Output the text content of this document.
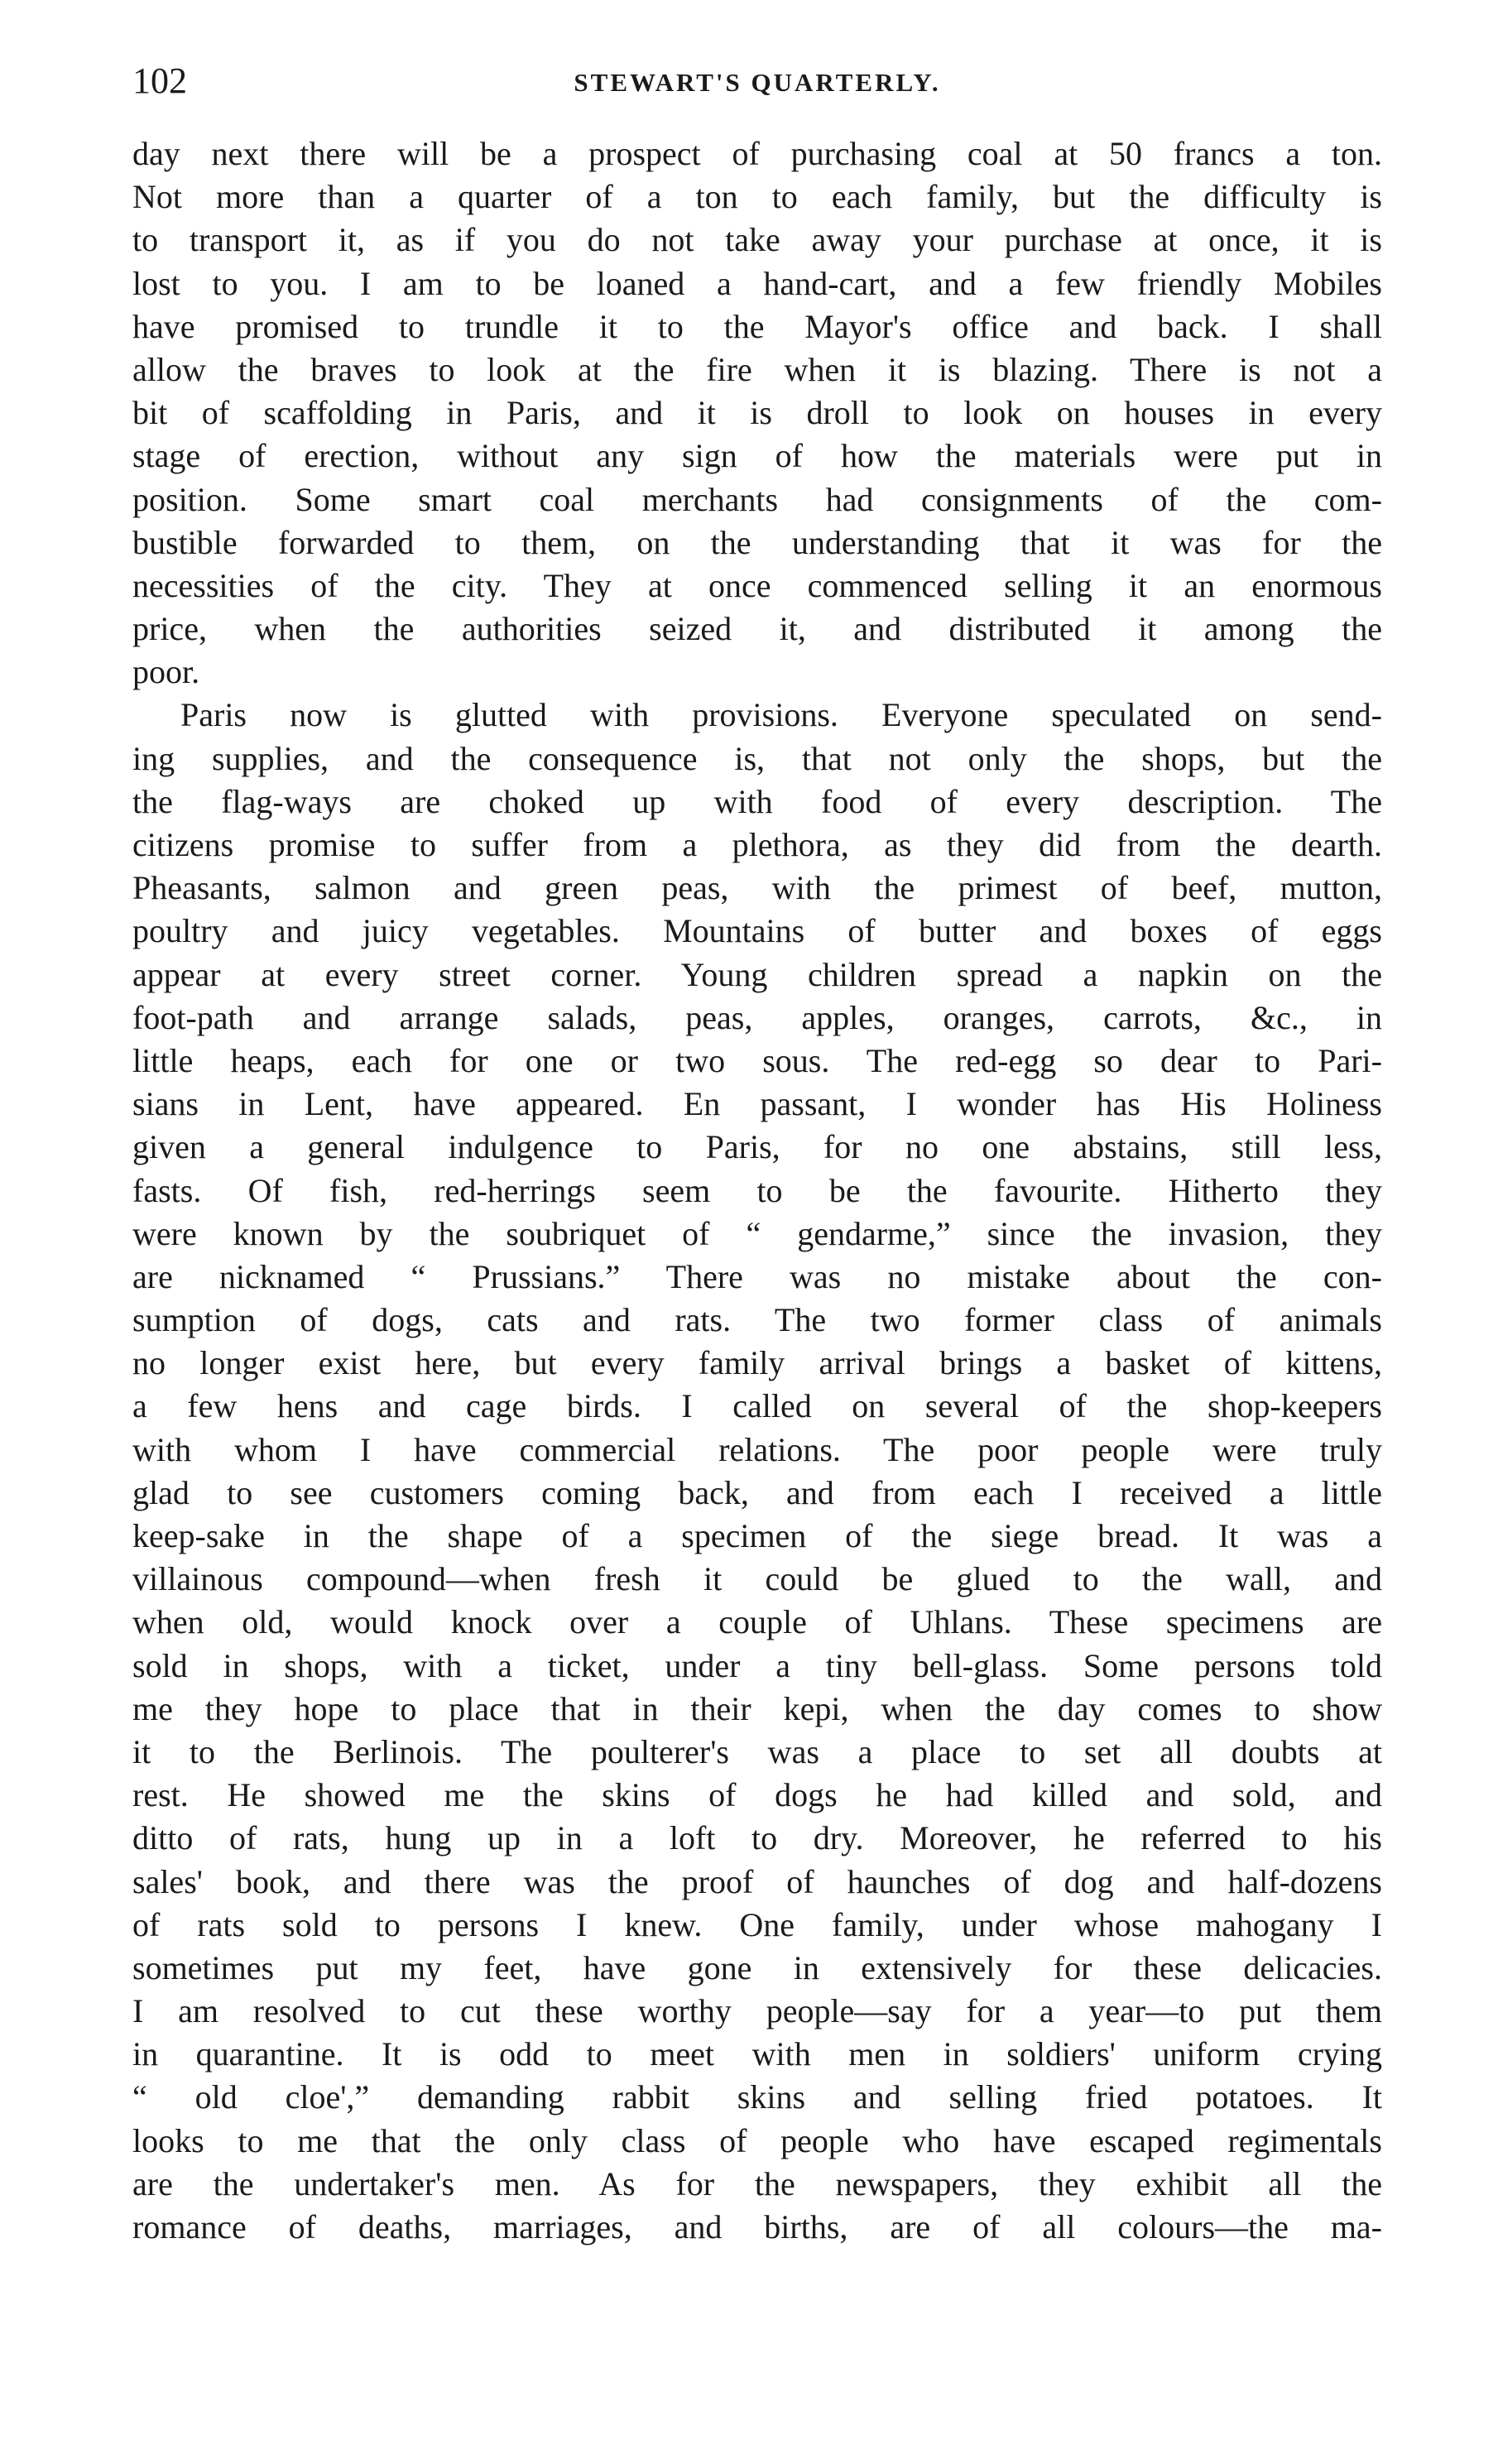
102	STEWART'S QUARTERLY.
day next there will be a prospect of purchasing coal at 50 francs a ton.
Not more than a quarter of a ton to each family, but the difficulty is
to transport it, as if you do not take away your purchase at once, it is
lost to you. I am to be loaned a hand-cart, and a few friendly Mobiles
have promised to trundle it to the Mayor's office and back. I shall
allow the braves to look at the fire when it is blazing. There is not a
bit of scaffolding in Paris, and it is droll to look on houses in every
stage of erection, without any sign of how the materials were put in
position. Some smart coal merchants had consignments of the com-
bustible forwarded to them, on the understanding that it was for the
necessities of the city. They at once commenced selling it an enormous
price, when the authorities seized it, and distributed it among the
poor.
Paris now is glutted with provisions. Everyone speculated on send-
ing supplies, and the consequence is, that not only the shops, but the
the flag-ways are choked up with food of every description. The
citizens promise to suffer from a plethora, as they did from the dearth.
Pheasants, salmon and green peas, with the primest of beef, mutton,
poultry and juicy vegetables. Mountains of butter and boxes of eggs
appear at every street corner. Young children spread a napkin on the
foot-path and arrange salads, peas, apples, oranges, carrots, &c., in
little heaps, each for one or two sous. The red-egg so dear to Pari-
sians in Lent, have appeared. En passant, I wonder has His Holiness
given a general indulgence to Paris, for no one abstains, still less,
fasts. Of fish, red-herrings seem to be the favourite. Hitherto they
were known by the soubriquet of “ gendarme,” since the invasion, they
are nicknamed “ Prussians.” There was no mistake about the con-
sumption of dogs, cats and rats. The two former class of animals
no longer exist here, but every family arrival brings a basket of kittens,
a few hens and cage birds. I called on several of the shop-keepers
with whom I have commercial relations. The poor people were truly
glad to see customers coming back, and from each I received a little
keep-sake in the shape of a specimen of the siege bread. It was a
villainous compound—when fresh it could be glued to the wall, and
when old, would knock over a couple of Uhlans. These specimens are
sold in shops, with a ticket, under a tiny bell-glass. Some persons told
me they hope to place that in their kepi, when the day comes to show
it to the Berlinois. The poulterer's was a place to set all doubts at
rest. He showed me the skins of dogs he had killed and sold, and
ditto of rats, hung up in a loft to dry. Moreover, he referred to his
sales' book, and there was the proof of haunches of dog and half-dozens
of rats sold to persons I knew. One family, under whose mahogany I
sometimes put my feet, have gone in extensively for these delicacies.
I am resolved to cut these worthy people—say for a year—to put them
in quarantine. It is odd to meet with men in soldiers' uniform crying
“ old cloe',” demanding rabbit skins and selling fried potatoes. It
looks to me that the only class of people who have escaped regimentals
are the undertaker's men. As for the newspapers, they exhibit all the
romance of deaths, marriages, and births, are of all colours—the ma-
